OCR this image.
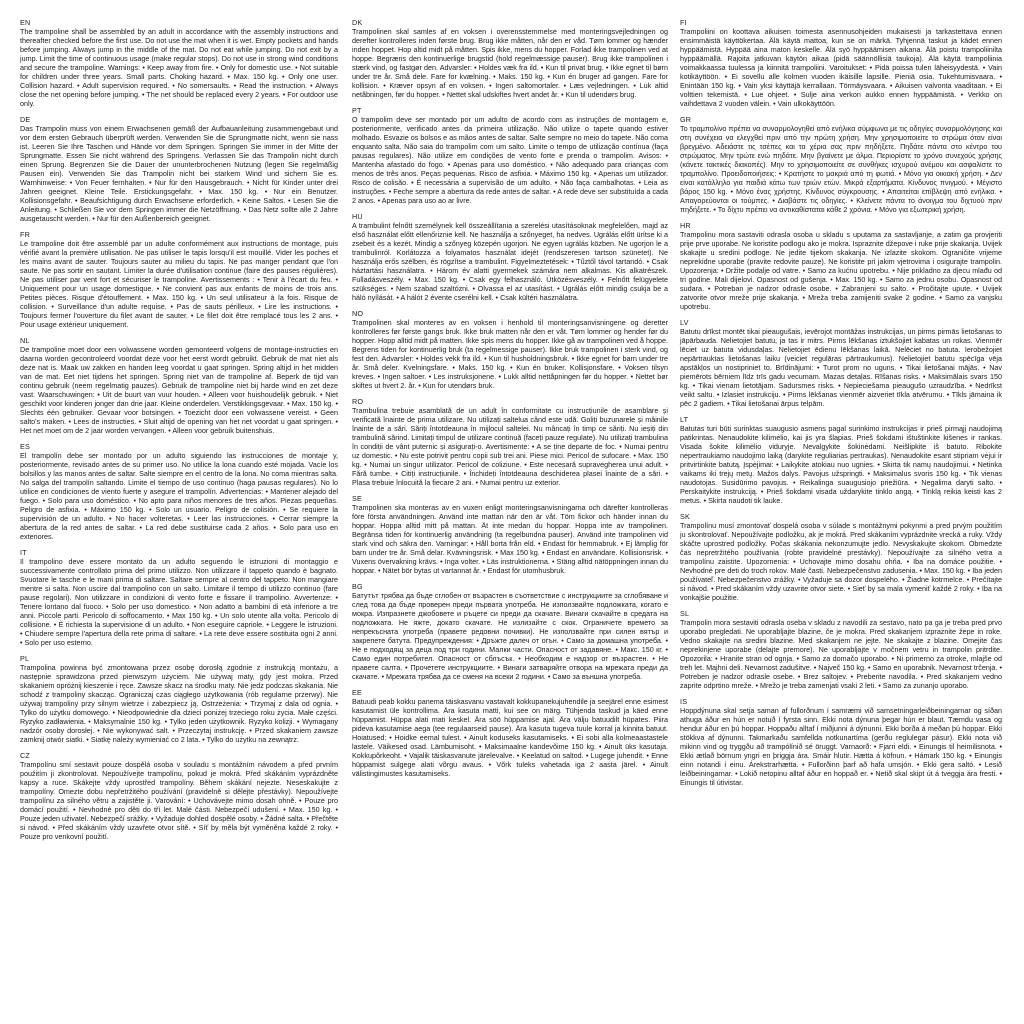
EN

The trampoline shall be assembled by an adult in accordance with the assembly instructions and thereafter checked before the first use. Do not use the mat when it is wet. Empty pockets and hands before jumping. Always jump in the middle of the mat. Do not eat while jumping. Do not exit by a jump. Limit the time of continuous usage (make regular stops). Do not use in strong wind conditions and secure the trampoline. Warnings: • Keep away from fire. • Only for domestic use. • Not suitable for children under three years. Small parts. Choking hazard. • Max. 150 kg. • Only one user. Collision hazard. • Adult supervision required. • No somersaults. • Read the instruction. • Always close the net opening before jumping. • The net should be replaced every 2 years. • For outdoor use only.

DE

Das Trampolin muss von einem Erwachsenen gemäß der Aufbauanleitung zusammengebaut und vor dem ersten Gebrauch überprüft werden. Verwenden Sie die Sprungmatte nicht, wenn sie nass ist. Leeren Sie Ihre Taschen und Hände vor dem Springen. Springen Sie immer in der Mitte der Sprungmatte. Essen Sie nicht während des Springens. Verlassen Sie das Trampolin nicht durch einen Sprung. Begrenzen Sie die Dauer der ununterbrochenen Nutzung (legen Sie regelmäßig Pausen ein). Verwenden Sie das Trampolin nicht bei starkem Wind und sichern Sie es. Warnhinweise: • Von Feuer fernhalten. • Nur für den Hausgebrauch. • Nicht für Kinder unter drei Jahren geeignet. Kleine Teile. Erstickungsgefahr. • Max. 150 kg. • Nur ein Benutzer. Kollisionsgefahr. • Beaufsichtigung durch Erwachsene erforderlich. • Keine Saltos. • Lesen Sie die Anleitung. • Schließen Sie vor dem Springen immer die Netzöffnung. • Das Netz sollte alle 2 Jahre ausgetauscht werden. • Nur für den Außenbereich geeignet.

FR

Le trampoline doit être assemblé par un adulte conformément aux instructions de montage, puis vérifié avant la première utilisation. Ne pas utiliser le tapis lorsqu'il est mouillé. Vider les poches et les mains avant de sauter. Toujours sauter au milieu du tapis. Ne pas manger pendant que l'on saute. Ne pas sortir en sautant. Limiter la durée d'utilisation continue (faire des pauses régulières). Ne pas utiliser par vent fort et sécuriser le trampoline. Avertissements : • Tenir à l'écart du feu. • Uniquement pour un usage domestique. • Ne convient pas aux enfants de moins de trois ans. Petites pièces. Risque d'étouffement. • Max. 150 kg. • Un seul utilisateur à la fois. Risque de collision. • Surveillance d'un adulte requise. • Pas de sauts périlleux. • Lire les instructions. • Toujours fermer l'ouverture du filet avant de sauter. • Le filet doit être remplacé tous les 2 ans. • Pour usage extérieur uniquement.

NL

De trampoline moet door een volwassene worden gemonteerd volgens de montage-instructies en daarna worden gecontroleerd voordat deze voor het eerst wordt gebruikt. Gebruik de mat niet als deze nat is. Maak uw zakken en handen leeg voordat u gaat springen. Spring altijd in het midden van de mat. Eet niet tijdens het springen. Spring niet van de trampoline af. Beperk de tijd van continu gebruik (neem regelmatig pauzes). Gebruik de trampoline niet bij harde wind en zet deze vast. Waarschuwingen: • Uit de buurt van vuur houden. • Alleen voor huishoudelijk gebruik. • Niet geschikt voor kinderen jonger dan drie jaar. Kleine onderdelen. Verstikkingsgevaar. • Max. 150 kg. • Slechts één gebruiker. Gevaar voor botsingen. • Toezicht door een volwassene vereist. • Geen salto's maken. • Lees de instructies. • Sluit altijd de opening van het net voordat u gaat springen. • Het net moet om de 2 jaar worden vervangen. • Alleen voor gebruik buitenshuis.

ES

El trampolín debe ser montado por un adulto siguiendo las instrucciones de montaje y, posteriormente, revisado antes de su primer uso. No utilice la lona cuando esté mojada. Vacíe los bolsillos y las manos antes de saltar. Salte siempre en el centro de la lona. No coma mientras salta. No salga del trampolín saltando. Limite el tiempo de uso continuo (haga pausas regulares). No lo utilice en condiciones de viento fuerte y asegure el trampolín. Advertencias: • Mantener alejado del fuego. • Solo para uso doméstico. • No apto para niños menores de tres años. Piezas pequeñas. Peligro de asfixia. • Máximo 150 kg. • Solo un usuario. Peligro de colisión. • Se requiere la supervisión de un adulto. • No hacer volteretas. • Leer las instrucciones. • Cerrar siempre la abertura de la red antes de saltar. • La red debe sustituirse cada 2 años. • Solo para uso en exteriores.

IT

Il trampolino deve essere montato da un adulto seguendo le istruzioni di montaggio e successivamente controllato prima del primo utilizzo. Non utilizzare il tappeto quando è bagnato. Svuotare le tasche e le mani prima di saltare. Saltare sempre al centro del tappeto. Non mangiare mentre si salta. Non uscire dal trampolino con un salto. Limitare il tempo di utilizzo continuo (fare pause regolari). Non utilizzare in condizioni di vento forte e fissare il trampolino. Avvertenze: • Tenere lontano dal fuoco. • Solo per uso domestico. • Non adatto a bambini di età inferiore a tre anni. Piccole parti. Pericolo di soffocamento. • Max 150 kg. • Un solo utente alla volta. Pericolo di collisione. • È richiesta la supervisione di un adulto. • Non eseguire capriole. • Leggere le istruzioni. • Chiudere sempre l'apertura della rete prima di saltare. • La rete deve essere sostituita ogni 2 anni. • Solo per uso esterno.

PL

Trampolina powinna być zmontowana przez osobę dorosłą zgodnie z instrukcją montażu, a następnie sprawdzona przed pierwszym użyciem. Nie używaj maty, gdy jest mokra. Przed skakaniem opróżnij kieszenie i ręce. Zawsze skacz na środku maty. Nie jedz podczas skakania. Nie schodź z trampoliny skacząc. Ograniczaj czas ciągłego użytkowania (rób regularne przerwy). Nie używaj trampoliny przy silnym wietrze i zabezpiecz ją. Ostrzeżenia: • Trzymaj z dala od ognia. • Tylko do użytku domowego. • Nieodpowiednie dla dzieci poniżej trzeciego roku życia. Małe części. Ryzyko zadławienia. • Maksymalnie 150 kg. • Tylko jeden użytkownik. Ryzyko kolizji. • Wymagany nadzór osoby dorosłej. • Nie wykonywać salt. • Przeczytaj instrukcję. • Przed skakaniem zawsze zamknij otwór siatki. • Siatkę należy wymieniać co 2 lata. • Tylko do użytku na zewnątrz.

CZ

Trampolínu smí sestavit pouze dospělá osoba v souladu s montážním návodem a před prvním použitím ji zkontrolovat. Nepoužívejte trampolínu, pokud je mokrá. Před skákáním vyprázdněte kapsy a ruce. Skákejte vždy uprostřed trampolíny. Během skákání nejezte. Neseskakujte z trampolíny. Omezte dobu nepřetržitého používání (pravidelně si dělejte přestávky). Nepoužívejte trampolínu za silného větru a zajistěte ji. Varování: • Uchovávejte mimo dosah ohně. • Pouze pro domácí použití. • Nevhodné pro děti do tří let. Malé části. Nebezpečí udušení. • Max. 150 kg. • Pouze jeden uživatel. Nebezpečí srážky. • Vyžaduje dohled dospělé osoby. • Žádné salta. • Přečtěte si návod. • Před skákáním vždy uzavřete otvor sítě. • Síť by měla být vyměněna každé 2 roky. • Pouze pro venkovní použití.

DK

Trampolinen skal samles af en voksen i overensstemmelse med monteringsvejledningen og derefter kontrolleres inden første brug. Brug ikke måtten, når den er våd. Tøm lommer og hænder inden hoppet. Hop altid midt på måtten. Spis ikke, mens du hopper. Forlad ikke trampolinen ved at hoppe. Begræns den kontinuerlige brugstid (hold regelmæssige pauser). Brug ikke trampolinen i stærk vind, og fastgør den. Advarsler: • Holdes væk fra ild. • Kun til privat brug. • Ikke egnet til børn under tre år. Små dele. Fare for kvælning. • Maks. 150 kg. • Kun én bruger ad gangen. Fare for kollision. • Kræver opsyn af en voksen. • Ingen saltomortaler. • Læs vejledningen. • Luk altid netåbningen, før du hopper. • Nettet skal udskiftes hvert andet år. • Kun til udendørs brug.

PT

O trampolim deve ser montado por um adulto de acordo com as instruções de montagem e, posteriormente, verificado antes da primeira utilização. Não utilize o tapete quando estiver molhado. Esvazie os bolsos e as mãos antes de saltar. Salte sempre no meio do tapete. Não coma enquanto salta. Não saia do trampolim com um salto. Limite o tempo de utilização contínua (faça pausas regulares). Não utilize em condições de vento forte e prenda o trampolim. Avisos: • Mantenha afastado do fogo. • Apenas para uso doméstico. • Não adequado para crianças com menos de três anos. Peças pequenas. Risco de asfixia. • Máximo 150 kg. • Apenas um utilizador. Risco de colisão. • É necessária a supervisão de um adulto. • Não faça cambalhotas. • Leia as instruções. • Feche sempre a abertura da rede antes de saltar. • A rede deve ser substituída a cada 2 anos. • Apenas para uso ao ar livre.

HU

A trambulint felnőtt személynek kell összeállítania a szerelési utasításoknak megfelelően, majd az első használat előtt ellenőriznie kell. Ne használja a szőnyeget, ha nedves. Ugrálás előtt ürítse ki a zsebeit és a kezét. Mindig a szőnyeg közepén ugorjon. Ne egyen ugrálás közben. Ne ugorjon le a trambulinról. Korlátozza a folyamatos használat idejét (rendszeresen tartson szünetet). Ne használja erős szélben, és rögzítse a trambulint. Figyelmeztetések: • Tűztől távol tartandó. • Csak háztartási használatra. • Három év alatti gyermekek számára nem alkalmas. Kis alkatrészek. Fulladásveszély. • Max. 150 kg. • Csak egy felhasználó. Ütközésveszély. • Felnőtt felügyelete szükséges. • Nem szabad szaltózni. • Olvassa el az utasítást. • Ugrálás előtt mindig csukja be a háló nyílását. • A hálót 2 évente cserélni kell. • Csak kültéri használatra.

NO

Trampolinen skal monteres av en voksen i henhold til monteringsanvisningene og deretter kontrolleres før første gangs bruk. Ikke bruk matten når den er våt. Tøm lommer og hender før du hopper. Hopp alltid midt på matten. Ikke spis mens du hopper. Ikke gå av trampolinen ved å hoppe. Begrens tiden for kontinuerlig bruk (ta regelmessige pauser). Ikke bruk trampolinen i sterk vind, og fest den. Advarsler: • Holdes vekk fra ild. • Kun til husholdningsbruk. • Ikke egnet for barn under tre år. Små deler. Kvelningsfare. • Maks. 150 kg. • Kun én bruker. Kollisjonsfare. • Voksen tilsyn kreves. • Ingen saltoer. • Les instruksjonene. • Lukk alltid nettåpningen før du hopper. • Nettet bør skiftes ut hvert 2. år. • Kun for utendørs bruk.

RO

Trambulina trebuie asamblată de un adult în conformitate cu instrucțiunile de asamblare și verificată înainte de prima utilizare. Nu utilizați saltelua când este udă. Goliți buzunarele și mâinile înainte de a sări. Săriți întotdeauna în mijlocul saltelei. Nu mâncați în timp ce săriți. Nu ieșiți din trambulină sărind. Limitați timpul de utilizare continuă (faceți pauze regulate). Nu utilizați trambulina în condiții de vânt puternic și asigurați-o. Avertismente: • A se ține departe de foc. • Numai pentru uz domestic. • Nu este potrivit pentru copii sub trei ani. Piese mici. Pericol de sufocare. • Max. 150 kg. • Numai un singur utilizator. Pericol de coliziune. • Este necesară supravegherea unui adult. • Fără tumbe. • Citiți instrucțiunile. • Închideți întotdeauna deschiderea plasei înainte de a sări. • Plasa trebuie înlocuită la fiecare 2 ani. • Numai pentru uz exterior.

SE

Trampolinen ska monteras av en vuxen enligt monteringsanvisningarna och därefter kontrolleras före första användningen. Använd inte mattan när den är våt. Töm fickor och händer innan du hoppar. Hoppa alltid mitt på mattan. Ät inte medan du hoppar. Hoppa inte av trampolinen. Begränsa tiden för kontinuerlig användning (ta regelbundna pauser). Använd inte trampolinen vid stark vind och säkra den. Varningar: • Håll borta från eld. • Endast för hemmabruk. • Ej lämplig för barn under tre år. Små delar. Kvävningsrisk. • Max 150 kg. • Endast en användare. Kollisionsrisk. • Vuxens övervakning krävs. • Inga volter. • Läs instruktionerna. • Stäng alltid nätöppningen innan du hoppar. • Nätet bör bytas ut vartannat år. • Endast för utomhusbruk.

BG

Батутът трябва да бъде сглобен от възрастен в съответствие с инструкциите за сглобяване и след това да бъде проверен преди първата употреба. Не използвайте подложката, когато е мокра. Изпразнете джобовете и ръцете си преди да скачате. Винаги скачайте в средата на подложката. Не яжте, докато скачате. Не излизайте с скок. Ограничете времето за непрекъсната употреба (правете редовни почивки). Не използвайте при силен вятър и закрепете батута. Предупреждения: • Дръжте далеч от огън. • Само за домашна употреба. • Не е подходящ за деца под три години. Малки части. Опасност от задавяне. • Макс. 150 кг. • Само един потребител. Опасност от сблъсък. • Необходим е надзор от възрастен. • Не правете салта. • Прочетете инструкциите. • Винаги затваряйте отвора на мрежата преди да скачате. • Мрежата трябва да се сменя на всеки 2 години. • Само за външна употреба.

EE

Batuudi peab kokku panema täiskasvanu vastavalt kokkupanekujuhendile ja seejärel enne esimest kasutamist üle kontrollima. Ära kasuta matti, kui see on märg. Tühjenda taskud ja käed enne hüppamist. Hüppa alati mati keskel. Ära söö hüppamise ajal. Ära välju batuudilt hüpates. Piira pideva kasutamise aega (tee regulaarseid pause). Ära kasuta tugeva tuule korral ja kinnita batuut. Hoiatused: • Hoidke eemal tulest. • Ainult koduseks kasutamiseks. • Ei sobi alla kolmeaastastele lastele. Väikesed osad. Lämbumisoht. • Maksimaalne kandevõime 150 kg. • Ainult üks kasutaja. Kokkupõrkeoht. • Vajalik täiskasvanute järelevalve. • Keelatud on saltod. • Lugege juhendit. • Enne hüppamist sulgege alati võrgu avaus. • Võrk tuleks vahetada iga 2 aasta järel. • Ainult välistingimustes kasutamiseks.

FI

Trampoliini on koottava aikuisen toimesta asennusohjeiden mukaisesti ja tarkastettava ennen ensimmäistä käyttökertaa. Älä käytä mattoa, kun se on märkä. Tyhjennä taskut ja kädet ennen hyppäämistä. Hyppää aina maton keskelle. Älä syö hyppäämisen aikana. Älä poistu trampoliinilta hyppäämällä. Rajoita jatkuvan käytön aikaa (pidä säännöllisiä taukoja). Älä käytä trampoliinia voimakkaassa tuulessa ja kiinnitä trampoliini. Varoitukset: • Pidä poissa tulen läheisyydestä. • Vain kotikäyttöön. • Ei sovellu alle kolmen vuoden ikäisille lapsille. Pieniä osia. Tukehtumisvaara. • Enintään 150 kg. • Vain yksi käyttäjä kerrallaan. Törmäysvaara. • Aikuisen valvonta vaaditaan. • Ei volttien tekemistä. • Lue ohjeet. • Sulje aina verkon aukko ennen hyppäämistä. • Verkko on vaihdettava 2 vuoden välein. • Vain ulkokäyttöön.

GR

Το τραμπολίνο πρέπει να συναρμολογηθεί από ενήλικα σύμφωνα με τις οδηγίες συναρμολόγησης και στη συνέχεια να ελεγχθεί πριν από την πρώτη χρήση. Μην χρησιμοποιείτε το στρώμα όταν είναι βρεγμένο. Αδειάστε τις τσέπες και τα χέρια σας πριν πηδήξετε. Πηδάτε πάντα στο κέντρο του στρώματος. Μην τρώτε ενώ πηδάτε. Μην βγαίνετε με άλμα. Περιορίστε το χρόνο συνεχούς χρήσης (κάνετε τακτικές διακοπές). Μην το χρησιμοποιείτε σε συνθήκες ισχυρού ανέμου και ασφαλίστε το τραμπολίνο. Προειδοποιήσεις: • Κρατήστε το μακριά από τη φωτιά. • Μόνο για οικιακή χρήση. • Δεν είναι κατάλληλο για παιδιά κάτω των τριών ετών. Μικρά εξαρτήματα. Κίνδυνος πνιγμού. • Μέγιστο βάρος 150 kg. • Μόνο ένας χρήστης. Κίνδυνος σύγκρουσης. • Απαιτείται επίβλεψη από ενήλικα. • Απαγορεύονται οι τούμπες. • Διαβάστε τις οδηγίες. • Κλείνετε πάντα το άνοιγμα του διχτυού πριν πηδήξετε. • Το δίχτυ πρέπει να αντικαθίσταται κάθε 2 χρόνια. • Μόνο για εξωτερική χρήση.

HR

Trampolinu mora sastaviti odrasla osoba u skladu s uputama za sastavljanje, a zatim ga provjeriti prije prve uporabe. Ne koristite podlogu ako je mokra. Ispraznite džepove i ruke prije skakanja. Uvijek skakajte u sredini podloge. Ne jedite tijekom skakanja. Ne izlazite skokom. Ograničite vrijeme neprekidne uporabe (pravite redovite pauze). Ne koristite pri jakim vjetrovima i osigurajte trampolin. Upozorenja: • Držite podalje od vatre. • Samo za kućnu upotrebu. • Nije prikladno za djecu mlađu od tri godine. Mali dijelovi. Opasnost od gušenja. • Max. 150 kg. • Samo za jednu osobu. Opasnost od sudara. • Potreban je nadzor odrasle osobe. • Zabranjeni su salto. • Pročitajte upute. • Uvijek zatvorite otvor mreže prije skakanja. • Mreža treba zamijeniti svake 2 godine. • Samo za vanjsku upotrebu.

LV

Batutu drīkst montēt tikai pieaugušais, ievērojot montāžas instrukcijas, un pirms pirmās lietošanas to jāpārbauda. Nelietojiet batutu, ja tas ir mitrs. Pirms lēkšanas iztukšojiet kabatas un rokas. Vienmēr lēciet uz batuta vidusdaļas. Nelietojiet ēdienu lēkšanas laikā. Nelēciet no batuta. Ierobežojiet nepārtrauktas lietošanas laiku (veiciet regulāras pārtraukumus). Nelietojiet batutu spēcīga vēja apstākļos un nostipriniet to. Brīdinājumi: • Turot prom no uguns. • Tikai lietošanai mājās. • Nav piemērots bērniem līdz trīs gadu vecumam. Mazas detaļas. Rīšanas risks. • Maksimālais svars 150 kg. • Tikai vienam lietotājam. Sadursmes risks. • Nepieciešama pieaugušo uzraudzība. • Nedrīkst veikt saltu. • Izlasiet instrukciju. • Pirms lēkšanas vienmēr aizveriet tīkla atvērumu. • Tīkls jāmaina ik pēc 2 gadiem. • Tikai lietošanai ārpus telpām.

LT

Batutas turi būti surinktas suaugusio asmens pagal surinkimo instrukcijas ir prieš pirmąjį naudojimą patikrintas. Nenaudokite kilimėlio, kai jis yra šlapias. Prieš šokdami ištuštinkite kišenes ir rankas. Visada šokite kilimėlio viduryje. Nevalgykite šokinėdami. Neišlipkite iš batuto. Ribokite nepertraukiamo naudojimo laiką (darykite reguliarias pertraukas). Nenaudokite esant stipriam vėjui ir pritvirtinkite batutą. Įspėjimai: • Laikykite atokiau nuo ugnies. • Skirta tik namų naudojimui. • Netinka vaikams iki trejų metų. Mažos dalys. Pavojus užspringti. • Maksimalus svoris 150 kg. • Tik vienas naudotojas. Susidūrimo pavojus. • Reikalinga suaugusiojo priežiūra. • Negalima daryti salto. • Perskaitykite instrukciją. • Prieš šokdami visada uždarykite tinklo angą. • Tinklą reikia keisti kas 2 metus. • Skirta naudoti tik lauke.

SK

Trampolínu musí zmontovať dospelá osoba v súlade s montážnymi pokynmi a pred prvým použitím ju skontrolovať. Nepoužívajte podložku, ak je mokrá. Pred skákaním vyprázdnite vrecká a ruky. Vždy skáčte uprostred podložky. Počas skákania nekonzumujte jedlo. Nevyskakujte skokom. Obmedzte čas nepretržitého používania (robte pravidelné prestávky). Nepoužívajte za silného vetra a trampolínu zaistite. Upozornenia: • Uchovajte mimo dosahu ohňa. • Iba na domáce použitie. • Nevhodné pre deti do troch rokov. Malé časti. Nebezpečenstvo zadusenia. • Max. 150 kg. • Iba jeden používateľ. Nebezpečenstvo zrážky. • Vyžaduje sa dozor dospelého. • Žiadne kotrmelce. • Prečítajte si návod. • Pred skákaním vždy uzavrite otvor siete. • Sieť by sa mala vymeniť každé 2 roky. • Iba na vonkajšie použitie.

SL

Trampolin mora sestaviti odrasla oseba v skladu z navodili za sestavo, nato pa ga je treba pred prvo uporabo pregledati. Ne uporabljajte blazine, če je mokra. Pred skakanjem izpraznite žepe in roke. Vedno skakajte na sredini blazine. Med skakanjem ne jejte. Ne skakajte z blazine. Omejite čas neprekinjene uporabe (delajte premore). Ne uporabljajte v močnem vetru in trampolin pritrdite. Opozorila: • Hranite stran od ognja. • Samo za domačo uporabo. • Ni primerno za otroke, mlajše od treh let. Majhni deli. Nevarnost zadušitve. • Največ 150 kg. • Samo en uporabnik. Nevarnost trčenja. • Potreben je nadzor odrasle osebe. • Brez saltojev. • Preberite navodila. • Pred skakanjem vedno zaprite odprtino mreže. • Mrežo je treba zamenjati vsaki 2 leti. • Samo za zunanjo uporabo.

IS

Hoppdýnuna skal setja saman af fullorðnum í samræmi við samsetningarleiðbeiningarnar og síðan athuga áður en hún er notuð í fyrsta sinn. Ekki nota dýnuna þegar hún er blaut. Tæmdu vasa og hendur áður en þú hoppar. Hoppaðu alltaf í miðjunni á dýnunni. Ekki borða á meðan þú hoppar. Ekki stökkva af dýnunni. Takmarkaðu samfellda notkunartíma (gerðu reglulegar pásur). Ekki nota við mikinn vind og tryggðu að trampólínið sé öruggt. Varnaorð: • Fjarri eldi. • Einungis til heimilisnota. • Ekki ætlað börnum yngri en þriggja ára. Smáir hlutir. Hætta á köfnun. • Hámark 150 kg. • Einungis einn notandi í einu. Árekstrarhætta. • Fullorðinn þarf að hafa umsjón. • Ekki gera saltó. • Lesið leiðbeiningarnar. • Lokið netopinu alltaf áður en hoppað er. • Netið skal skipt út á tveggja ára fresti. • Einungis til útivistar.
